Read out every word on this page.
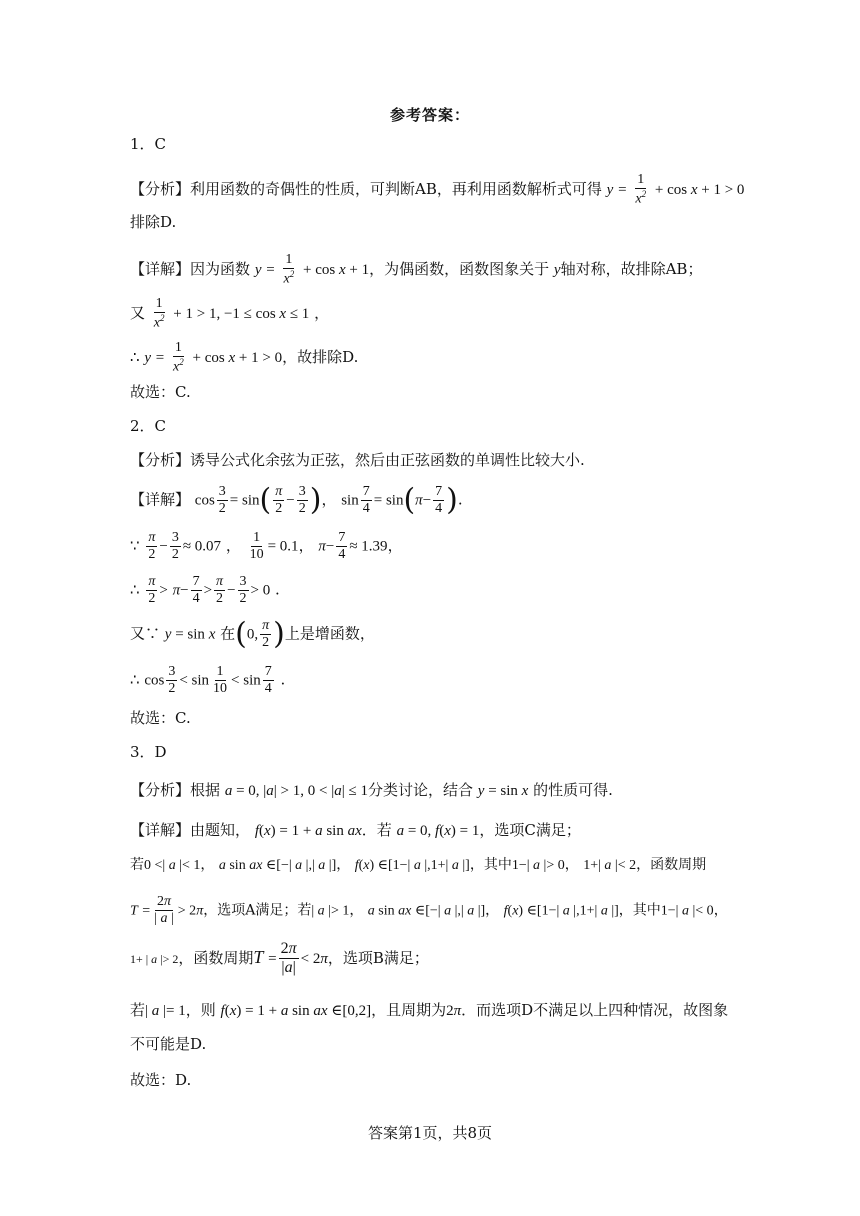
参考答案：
1．C
【分析】利用函数的奇偶性的性质，可判断AB，再利用函数解析式可得 $y = \frac{1}{x^2} + \cos x + 1 > 0$
排除D.
【详解】因为函数 $y = \frac{1}{x^2} + \cos x + 1$，为偶函数，函数图象关于 y轴对称，故排除AB；
又 $\frac{1}{x^2} + 1 > 1$, −1 ≤ cos x ≤ 1 ，
∴ $y = \frac{1}{x^2} + \cos x + 1 > 0$，故排除D.
故选：C.
2．C
【分析】诱导公式化余弦为正弦，然后由正弦函数的单调性比较大小.
【详解】 $\cos \frac{3}{2} = \sin( \frac{\pi}{2} - \frac{3}{2}$ )， $\sin \frac{7}{4} = \sin(\pi- \frac{7}{4}$ ).
∵ $\frac{\pi}{2} - \frac{3}{2} \approx 0.07$ ， $\frac{1}{10} = 0.1$， $\pi- \frac{7}{4} \approx 1.39$，
∴ $\frac{\pi}{2} > \pi- \frac{7}{4} > \frac{\pi}{2} - \frac{3}{2} > 0$ .
又∵ y = sin x 在(0, $\frac{\pi}{2}$ )上是增函数，
∴ $\cos \frac{3}{2} < \sin \frac{1}{10} < \sin \frac{7}{4}$ .
故选：C.
3．D
【分析】根据 a = 0, |a| > 1, 0 < |a| ≤ 1分类讨论，结合 y = sin x 的性质可得.
【详解】由题知， f(x) = 1 + a sin ax．若 a = 0, f(x) = 1，选项C满足；
若0 <| a |< 1， a sin ax ∈[−| a |,| a |]， f(x) ∈[1−| a |,1+| a |]，其中1−| a |> 0， 1+| a |< 2，函数周期
$T = \frac{2\pi}{| a |} > 2\pi$，选项A满足；若| a |> 1， a sin ax ∈[−| a |,| a |]， f(x) ∈[1−| a |,1+| a |]，其中1−| a |< 0，
1+ | a |> 2，函数周期$T = \frac{2\pi}{|a|} < 2\pi$，选项B满足；
若| a |= 1，则 f(x) = 1 + a sin ax ∈[0,2]，且周期为2π．而选项D不满足以上四种情况，故图象
不可能是D.
故选：D.
答案第1页，共8页
